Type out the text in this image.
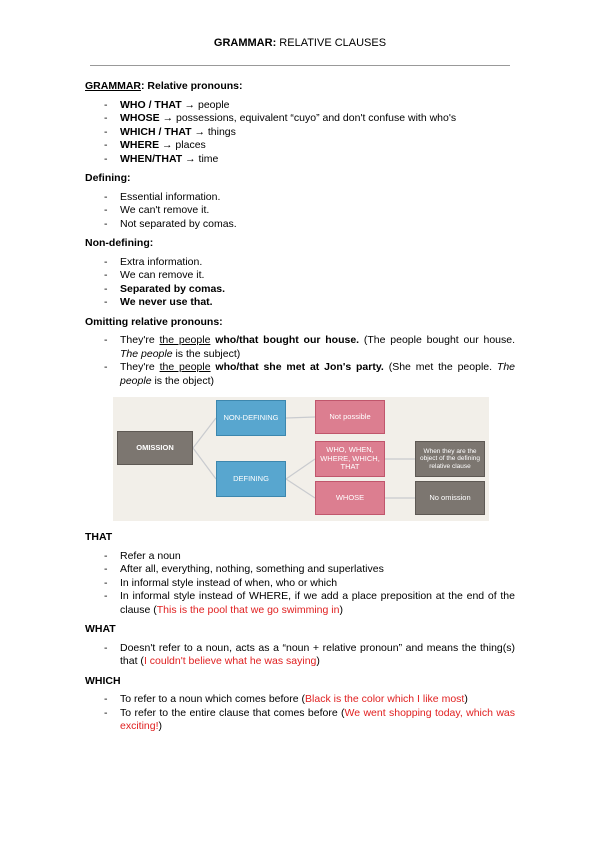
GRAMMAR: RELATIVE CLAUSES
GRAMMAR: Relative pronouns:
- WHO / THAT → people
- WHOSE → possessions, equivalent “cuyo” and don't confuse with who's
- WHICH / THAT → things
- WHERE → places
- WHEN/THAT → time
Defining:
- Essential information.
- We can't remove it.
- Not separated by comas.
Non-defining:
- Extra information.
- We can remove it.
- Separated by comas.
- We never use that.
Omitting relative pronouns:
- They're the people who/that bought our house. (The people bought our house. The people is the subject)
- They're the people who/that she met at Jon's party. (She met the people. The people is the object)
OMISSION
NON-DEFINING
DEFINING
Not possible
WHO, WHEN, WHERE, WHICH, THAT
WHOSE
When they are the object of the defining relative clause
No omission
THAT
- Refer a noun
- After all, everything, nothing, something and superlatives
- In informal style instead of when, who or which
- In informal style instead of WHERE, if we add a place preposition at the end of the clause (This is the pool that we go swimming in)
WHAT
- Doesn't refer to a noun, acts as a “noun + relative pronoun” and means the thing(s) that (I couldn't believe what he was saying)
WHICH
- To refer to a noun which comes before (Black is the color which I like most)
- To refer to the entire clause that comes before (We went shopping today, which was exciting!)
